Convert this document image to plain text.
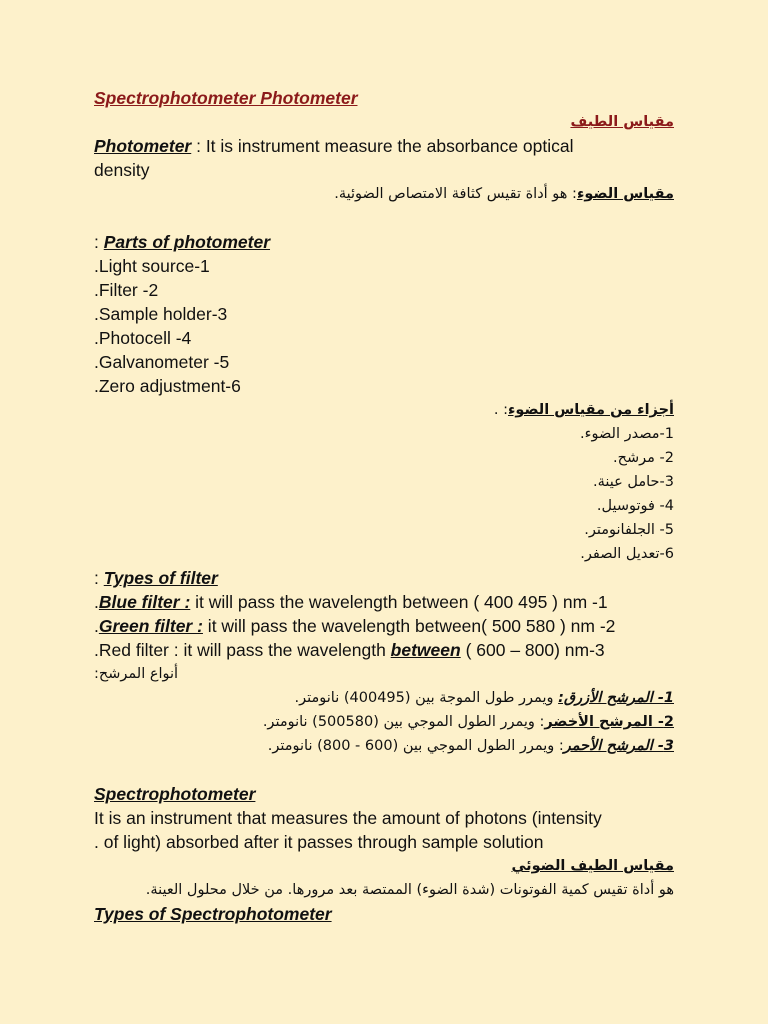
Spectrophotometer Photometer
مقياس الطيف
Photometer : It is instrument measure the absorbance optical
density
مقياس الضوء: هو أداة تقيس كثافة الامتصاص الضوئية.
: Parts of photometer
.Light source-1
.Filter -2
.Sample holder-3
.Photocell -4
.Galvanometer -5
.Zero adjustment-6
أجزاء من مقياس الضوء: .
1-مصدر الضوء.
2- مرشح.
3-حامل عينة.
4- فوتوسيل.
5- الجلفانومتر.
6-تعديل الصفر.
: Types of filter
.Blue filter : it will pass the wavelength between ( 400 495 ) nm -1
.Green filter : it will pass the wavelength between( 500 580 ) nm -2
.Red filter : it will pass the wavelength between ( 600 – 800) nm-3
أنواع المرشح:
1- المرشح الأزرق: ويمرر طول الموجة بين (400495) نانومتر.
2- المرشح الأخضر: ويمرر الطول الموجي بين (500580) نانومتر.
3- المرشح الأحمر: ويمرر الطول الموجي بين (600 - 800) نانومتر.
Spectrophotometer
It is an instrument that measures the amount of photons (intensity
. of light) absorbed after it passes through sample solution
مقياس الطيف الضوئي
هو أداة تقيس كمية الفوتونات (شدة الضوء) الممتصة بعد مرورها. من خلال محلول العينة.
Types of Spectrophotometer
